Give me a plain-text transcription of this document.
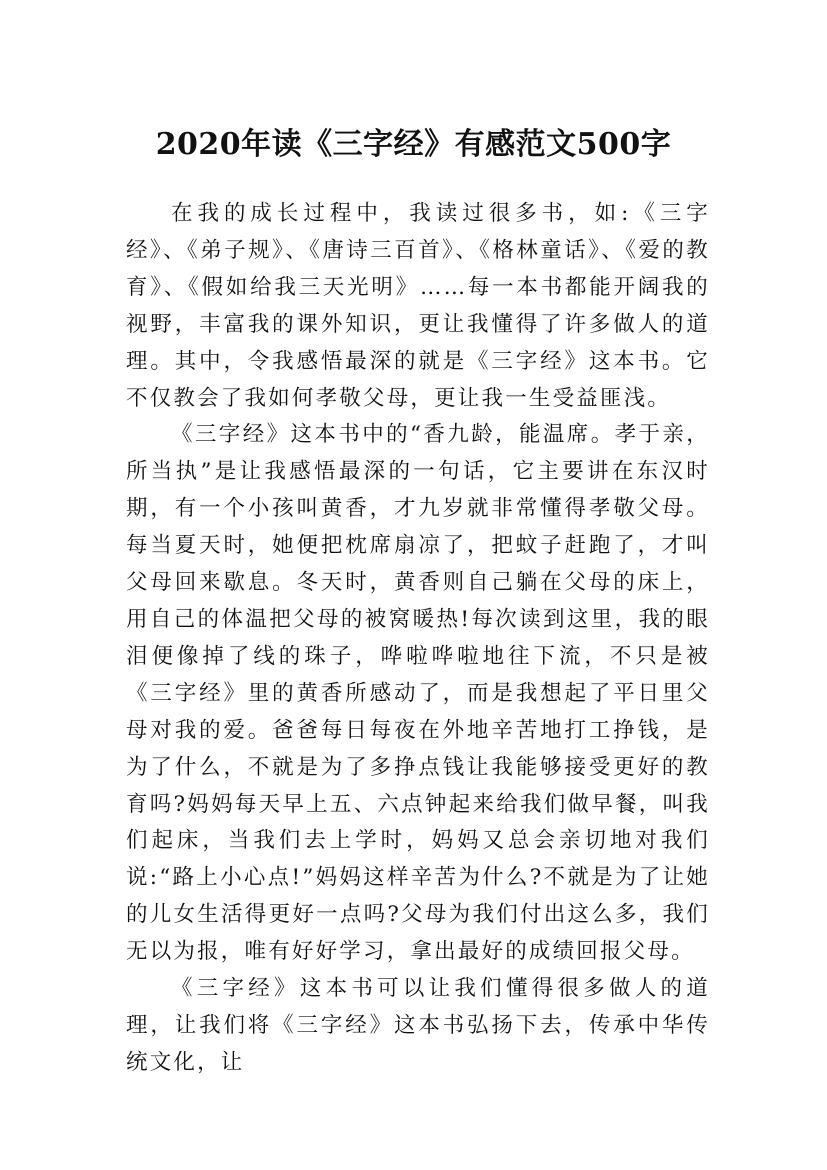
2020年读《三字经》有感范文500字

在我的成长过程中，我读过很多书，如:《三字经》、《弟子规》、《唐诗三百首》、《格林童话》、《爱的教育》、《假如给我三天光明》……每一本书都能开阔我的视野，丰富我的课外知识，更让我懂得了许多做人的道理。其中，令我感悟最深的就是《三字经》这本书。它不仅教会了我如何孝敬父母，更让我一生受益匪浅。

《三字经》这本书中的“香九龄，能温席。孝于亲，所当执”是让我感悟最深的一句话，它主要讲在东汉时期，有一个小孩叫黄香，才九岁就非常懂得孝敬父母。每当夏天时，她便把枕席扇凉了，把蚊子赶跑了，才叫父母回来歇息。冬天时，黄香则自己躺在父母的床上，用自己的体温把父母的被窝暖热!每次读到这里，我的眼泪便像掉了线的珠子，哗啦哗啦地往下流，不只是被《三字经》里的黄香所感动了，而是我想起了平日里父母对我的爱。爸爸每日每夜在外地辛苦地打工挣钱，是为了什么，不就是为了多挣点钱让我能够接受更好的教育吗?妈妈每天早上五、六点钟起来给我们做早餐，叫我们起床，当我们去上学时，妈妈又总会亲切地对我们说:“路上小心点!”妈妈这样辛苦为什么?不就是为了让她的儿女生活得更好一点吗?父母为我们付出这么多，我们无以为报，唯有好好学习，拿出最好的成绩回报父母。

《三字经》这本书可以让我们懂得很多做人的道理，让我们将《三字经》这本书弘扬下去，传承中华传统文化，让
